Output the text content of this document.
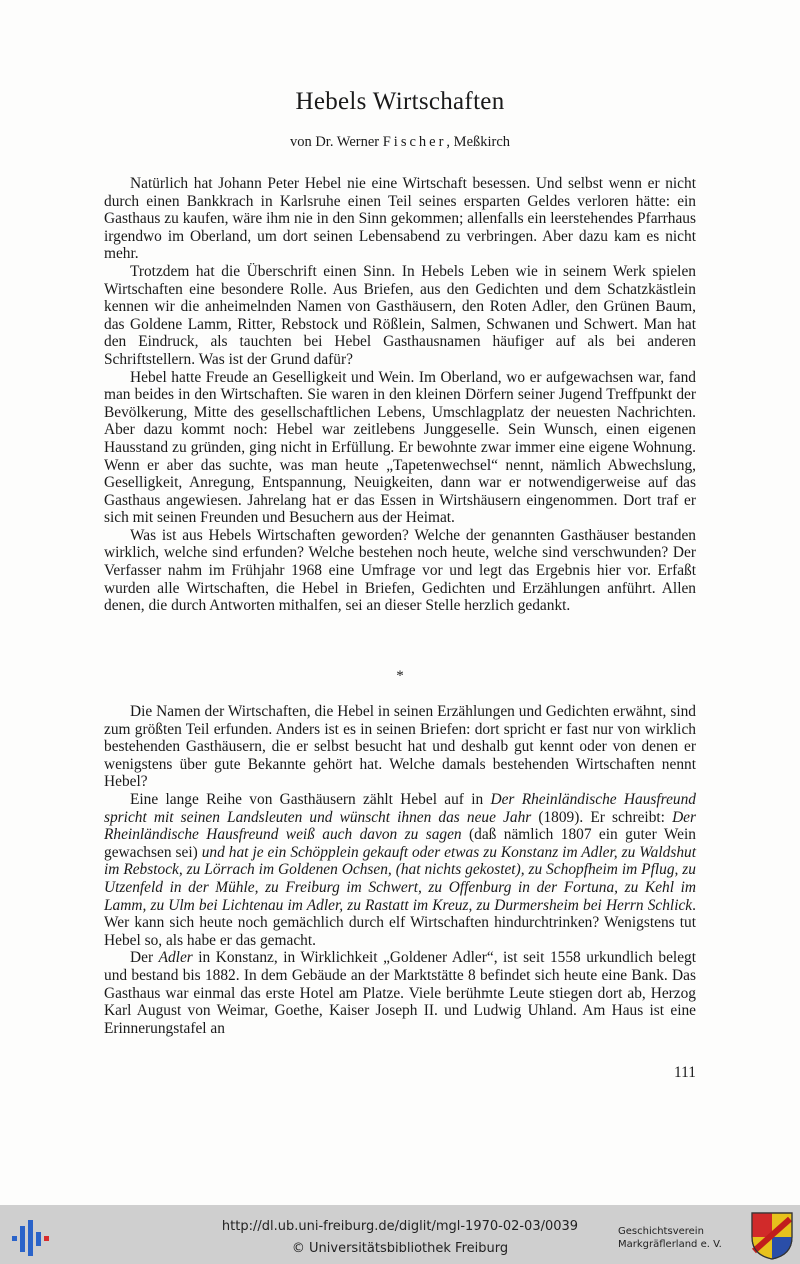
Hebels Wirtschaften
von Dr. Werner Fischer, Meßkirch

Natürlich hat Johann Peter Hebel nie eine Wirtschaft besessen. Und selbst wenn er nicht durch einen Bankkrach in Karlsruhe einen Teil seines ersparten Geldes verloren hätte: ein Gasthaus zu kaufen, wäre ihm nie in den Sinn gekommen; allenfalls ein leerstehendes Pfarrhaus irgendwo im Oberland, um dort seinen Lebensabend zu verbringen. Aber dazu kam es nicht mehr.

Trotzdem hat die Überschrift einen Sinn. In Hebels Leben wie in seinem Werk spielen Wirtschaften eine besondere Rolle. Aus Briefen, aus den Gedichten und dem Schatzkästlein kennen wir die anheimelnden Namen von Gasthäusern, den Roten Adler, den Grünen Baum, das Goldene Lamm, Ritter, Rebstock und Rößlein, Salmen, Schwanen und Schwert. Man hat den Eindruck, als tauchten bei Hebel Gasthausnamen häufiger auf als bei anderen Schriftstellern. Was ist der Grund dafür?

Hebel hatte Freude an Geselligkeit und Wein. Im Oberland, wo er aufgewachsen war, fand man beides in den Wirtschaften. Sie waren in den kleinen Dörfern seiner Jugend Treffpunkt der Bevölkerung, Mitte des gesellschaftlichen Lebens, Umschlagplatz der neuesten Nachrichten. Aber dazu kommt noch: Hebel war zeitlebens Junggeselle. Sein Wunsch, einen eigenen Hausstand zu gründen, ging nicht in Erfüllung. Er bewohnte zwar immer eine eigene Wohnung. Wenn er aber das suchte, was man heute „Tapetenwechsel“ nennt, nämlich Abwechslung, Geselligkeit, Anregung, Entspannung, Neuigkeiten, dann war er notwendigerweise auf das Gasthaus angewiesen. Jahrelang hat er das Essen in Wirtshäusern eingenommen. Dort traf er sich mit seinen Freunden und Besuchern aus der Heimat.

Was ist aus Hebels Wirtschaften geworden? Welche der genannten Gasthäuser bestanden wirklich, welche sind erfunden? Welche bestehen noch heute, welche sind verschwunden? Der Verfasser nahm im Frühjahr 1968 eine Umfrage vor und legt das Ergebnis hier vor. Erfaßt wurden alle Wirtschaften, die Hebel in Briefen, Gedichten und Erzählungen anführt. Allen denen, die durch Antworten mithalfen, sei an dieser Stelle herzlich gedankt.

*

Die Namen der Wirtschaften, die Hebel in seinen Erzählungen und Gedichten erwähnt, sind zum größten Teil erfunden. Anders ist es in seinen Briefen: dort spricht er fast nur von wirklich bestehenden Gasthäusern, die er selbst besucht hat und deshalb gut kennt oder von denen er wenigstens über gute Bekannte gehört hat. Welche damals bestehenden Wirtschaften nennt Hebel?

Eine lange Reihe von Gasthäusern zählt Hebel auf in Der Rheinländische Hausfreund spricht mit seinen Landsleuten und wünscht ihnen das neue Jahr (1809). Er schreibt: Der Rheinländische Hausfreund weiß auch davon zu sagen (daß nämlich 1807 ein guter Wein gewachsen sei) und hat je ein Schöpplein gekauft oder etwas zu Konstanz im Adler, zu Waldshut im Rebstock, zu Lörrach im Goldenen Ochsen, (hat nichts gekostet), zu Schopfheim im Pflug, zu Utzenfeld in der Mühle, zu Freiburg im Schwert, zu Offenburg in der Fortuna, zu Kehl im Lamm, zu Ulm bei Lichtenau im Adler, zu Rastatt im Kreuz, zu Durmersheim bei Herrn Schlick. Wer kann sich heute noch gemächlich durch elf Wirtschaften hindurchtrinken? Wenigstens tut Hebel so, als habe er das gemacht.

Der Adler in Konstanz, in Wirklichkeit „Goldener Adler“, ist seit 1558 urkundlich belegt und bestand bis 1882. In dem Gebäude an der Marktstätte 8 befindet sich heute eine Bank. Das Gasthaus war einmal das erste Hotel am Platze. Viele berühmte Leute stiegen dort ab, Herzog Karl August von Weimar, Goethe, Kaiser Joseph II. und Ludwig Uhland. Am Haus ist eine Erinnerungstafel an

111
http://dl.ub.uni-freiburg.de/diglit/mgl-1970-02-03/0039
© Universitätsbibliothek Freiburg
Geschichtsverein
Markgräflerland e. V.
